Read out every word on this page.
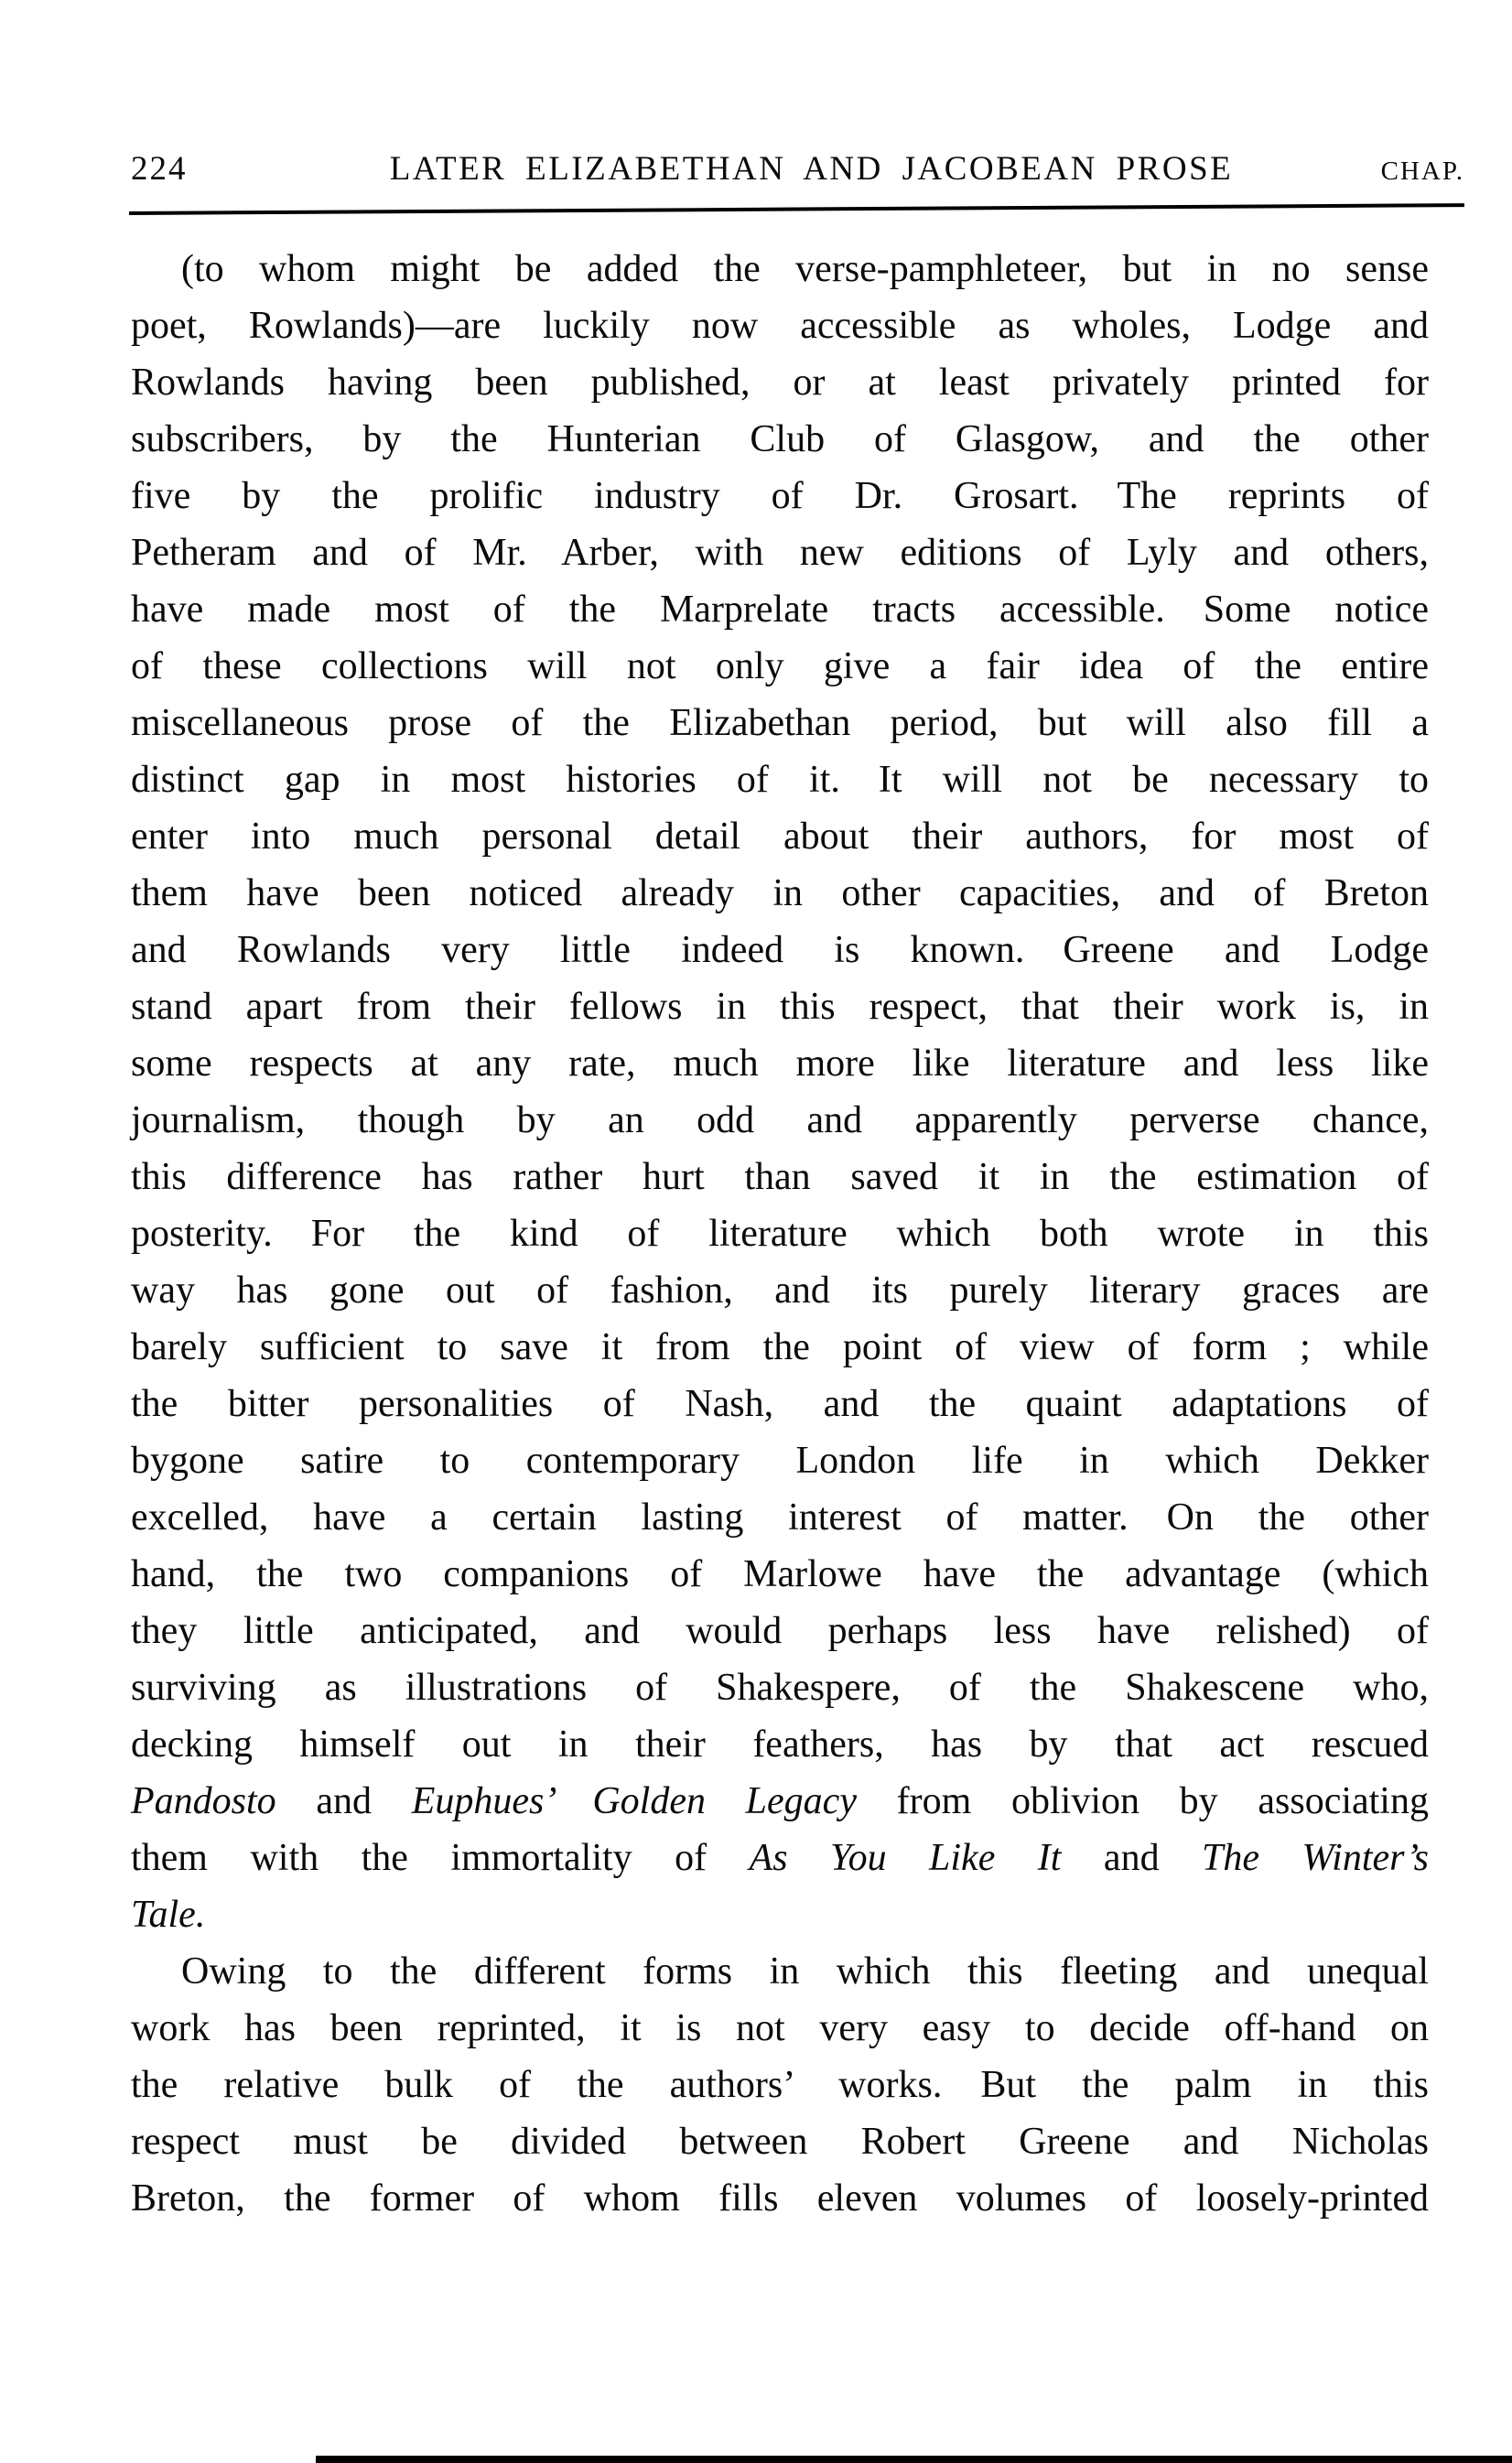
224	LATER ELIZABETHAN AND JACOBEAN PROSE	CHAP.
(to whom might be added the verse-pamphleteer, but in no sense
poet, Rowlands)—are luckily now accessible as wholes, Lodge and
Rowlands having been published, or at least privately printed for
subscribers, by the Hunterian Club of Glasgow, and the other
five by the prolific industry of Dr. Grosart. The reprints of
Petheram and of Mr. Arber, with new editions of Lyly and others,
have made most of the Marprelate tracts accessible. Some notice
of these collections will not only give a fair idea of the entire
miscellaneous prose of the Elizabethan period, but will also fill a
distinct gap in most histories of it. It will not be necessary to
enter into much personal detail about their authors, for most of
them have been noticed already in other capacities, and of Breton
and Rowlands very little indeed is known. Greene and Lodge
stand apart from their fellows in this respect, that their work is, in
some respects at any rate, much more like literature and less like
journalism, though by an odd and apparently perverse chance,
this difference has rather hurt than saved it in the estimation of
posterity. For the kind of literature which both wrote in this
way has gone out of fashion, and its purely literary graces are
barely sufficient to save it from the point of view of form ; while
the bitter personalities of Nash, and the quaint adaptations of
bygone satire to contemporary London life in which Dekker
excelled, have a certain lasting interest of matter. On the other
hand, the two companions of Marlowe have the advantage (which
they little anticipated, and would perhaps less have relished) of
surviving as illustrations of Shakespere, of the Shakescene who,
decking himself out in their feathers, has by that act rescued
Pandosto and Euphues’ Golden Legacy from oblivion by associating
them with the immortality of As You Like It and The Winter’s
Tale.
Owing to the different forms in which this fleeting and unequal
work has been reprinted, it is not very easy to decide off-hand on
the relative bulk of the authors’ works. But the palm in this
respect must be divided between Robert Greene and Nicholas
Breton, the former of whom fills eleven volumes of loosely-printed
